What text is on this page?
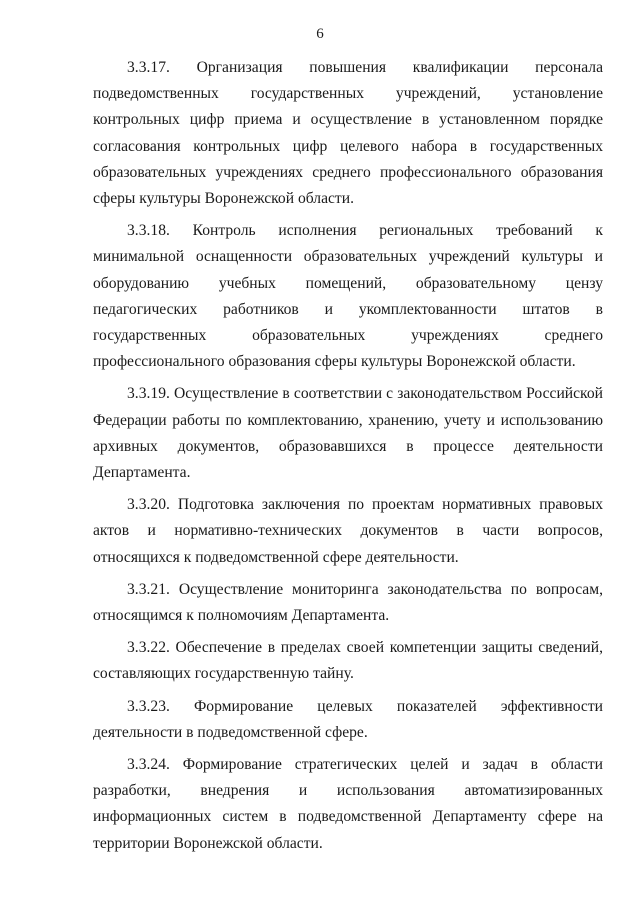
6

3.3.17. Организация повышения квалификации персонала подведомственных государственных учреждений, установление контрольных цифр приема и осуществление в установленном порядке согласования контрольных цифр целевого набора в государственных образовательных учреждениях среднего профессионального образования сферы культуры Воронежской области.

3.3.18. Контроль исполнения региональных требований к минимальной оснащенности образовательных учреждений культуры и оборудованию учебных помещений, образовательному цензу педагогических работников и укомплектованности штатов в государственных образовательных учреждениях среднего профессионального образования сферы культуры Воронежской области.

3.3.19. Осуществление в соответствии с законодательством Российской Федерации работы по комплектованию, хранению, учету и использованию архивных документов, образовавшихся в процессе деятельности Департамента.

3.3.20. Подготовка заключения по проектам нормативных правовых актов и нормативно-технических документов в части вопросов, относящихся к подведомственной сфере деятельности.

3.3.21. Осуществление мониторинга законодательства по вопросам, относящимся к полномочиям Департамента.

3.3.22. Обеспечение в пределах своей компетенции защиты сведений, составляющих государственную тайну.

3.3.23. Формирование целевых показателей эффективности деятельности в подведомственной сфере.

3.3.24. Формирование стратегических целей и задач в области разработки, внедрения и использования автоматизированных информационных систем в подведомственной Департаменту сфере на территории Воронежской области.
